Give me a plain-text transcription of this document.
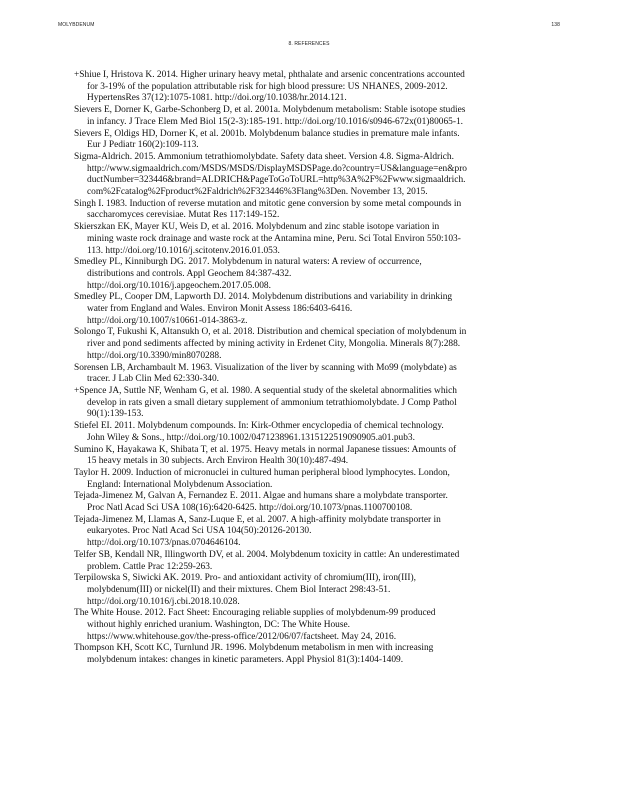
MOLYBDENUM	138
8. REFERENCES

+Shiue I, Hristova K. 2014. Higher urinary heavy metal, phthalate and arsenic concentrations accounted
for 3-19% of the population attributable risk for high blood pressure: US NHANES, 2009-2012.
HypertensRes 37(12):1075-1081. http://doi.org/10.1038/hr.2014.121.

Sievers E, Dorner K, Garbe-Schonberg D, et al. 2001a. Molybdenum metabolism: Stable isotope studies
in infancy. J Trace Elem Med Biol 15(2-3):185-191. http://doi.org/10.1016/s0946-672x(01)80065-1.

Sievers E, Oldigs HD, Dorner K, et al. 2001b. Molybdenum balance studies in premature male infants.
Eur J Pediatr 160(2):109-113.

Sigma-Aldrich. 2015. Ammonium tetrathiomolybdate. Safety data sheet. Version 4.8. Sigma-Aldrich.
http://www.sigmaaldrich.com/MSDS/MSDS/DisplayMSDSPage.do?country=US&language=en&pro
ductNumber=323446&brand=ALDRICH&PageToGoToURL=http%3A%2F%2Fwww.sigmaaldrich.
com%2Fcatalog%2Fproduct%2Faldrich%2F323446%3Flang%3Den. November 13, 2015.

Singh I. 1983. Induction of reverse mutation and mitotic gene conversion by some metal compounds in
saccharomyces cerevisiae. Mutat Res 117:149-152.

Skierszkan EK, Mayer KU, Weis D, et al. 2016. Molybdenum and zinc stable isotope variation in
mining waste rock drainage and waste rock at the Antamina mine, Peru. Sci Total Environ 550:103-
113. http://doi.org/10.1016/j.scitotenv.2016.01.053.

Smedley PL, Kinniburgh DG. 2017. Molybdenum in natural waters: A review of occurrence,
distributions and controls. Appl Geochem 84:387-432.
http://doi.org/10.1016/j.apgeochem.2017.05.008.

Smedley PL, Cooper DM, Lapworth DJ. 2014. Molybdenum distributions and variability in drinking
water from England and Wales. Environ Monit Assess 186:6403-6416.
http://doi.org/10.1007/s10661-014-3863-z.

Solongo T, Fukushi K, Altansukh O, et al. 2018. Distribution and chemical speciation of molybdenum in
river and pond sediments affected by mining activity in Erdenet City, Mongolia. Minerals 8(7):288.
http://doi.org/10.3390/min8070288.

Sorensen LB, Archambault M. 1963. Visualization of the liver by scanning with Mo99 (molybdate) as
tracer. J Lab Clin Med 62:330-340.

+Spence JA, Suttle NF, Wenham G, et al. 1980. A sequential study of the skeletal abnormalities which
develop in rats given a small dietary supplement of ammonium tetrathiomolybdate. J Comp Pathol
90(1):139-153.

Stiefel EI. 2011. Molybdenum compounds. In: Kirk-Othmer encyclopedia of chemical technology.
John Wiley & Sons., http://doi.org/10.1002/0471238961.1315122519090905.a01.pub3.

Sumino K, Hayakawa K, Shibata T, et al. 1975. Heavy metals in normal Japanese tissues: Amounts of
15 heavy metals in 30 subjects. Arch Environ Health 30(10):487-494.

Taylor H. 2009. Induction of micronuclei in cultured human peripheral blood lymphocytes. London,
England: International Molybdenum Association.

Tejada-Jimenez M, Galvan A, Fernandez E. 2011. Algae and humans share a molybdate transporter.
Proc Natl Acad Sci USA 108(16):6420-6425. http://doi.org/10.1073/pnas.1100700108.

Tejada-Jimenez M, Llamas A, Sanz-Luque E, et al. 2007. A high-affinity molybdate transporter in
eukaryotes. Proc Natl Acad Sci USA 104(50):20126-20130.
http://doi.org/10.1073/pnas.0704646104.

Telfer SB, Kendall NR, Illingworth DV, et al. 2004. Molybdenum toxicity in cattle: An underestimated
problem. Cattle Prac 12:259-263.

Terpilowska S, Siwicki AK. 2019. Pro- and antioxidant activity of chromium(III), iron(III),
molybdenum(III) or nickel(II) and their mixtures. Chem Biol Interact 298:43-51.
http://doi.org/10.1016/j.cbi.2018.10.028.

The White House. 2012. Fact Sheet: Encouraging reliable supplies of molybdenum-99 produced
without highly enriched uranium. Washington, DC: The White House.
https://www.whitehouse.gov/the-press-office/2012/06/07/factsheet. May 24, 2016.

Thompson KH, Scott KC, Turnlund JR. 1996. Molybdenum metabolism in men with increasing
molybdenum intakes: changes in kinetic parameters. Appl Physiol 81(3):1404-1409.
